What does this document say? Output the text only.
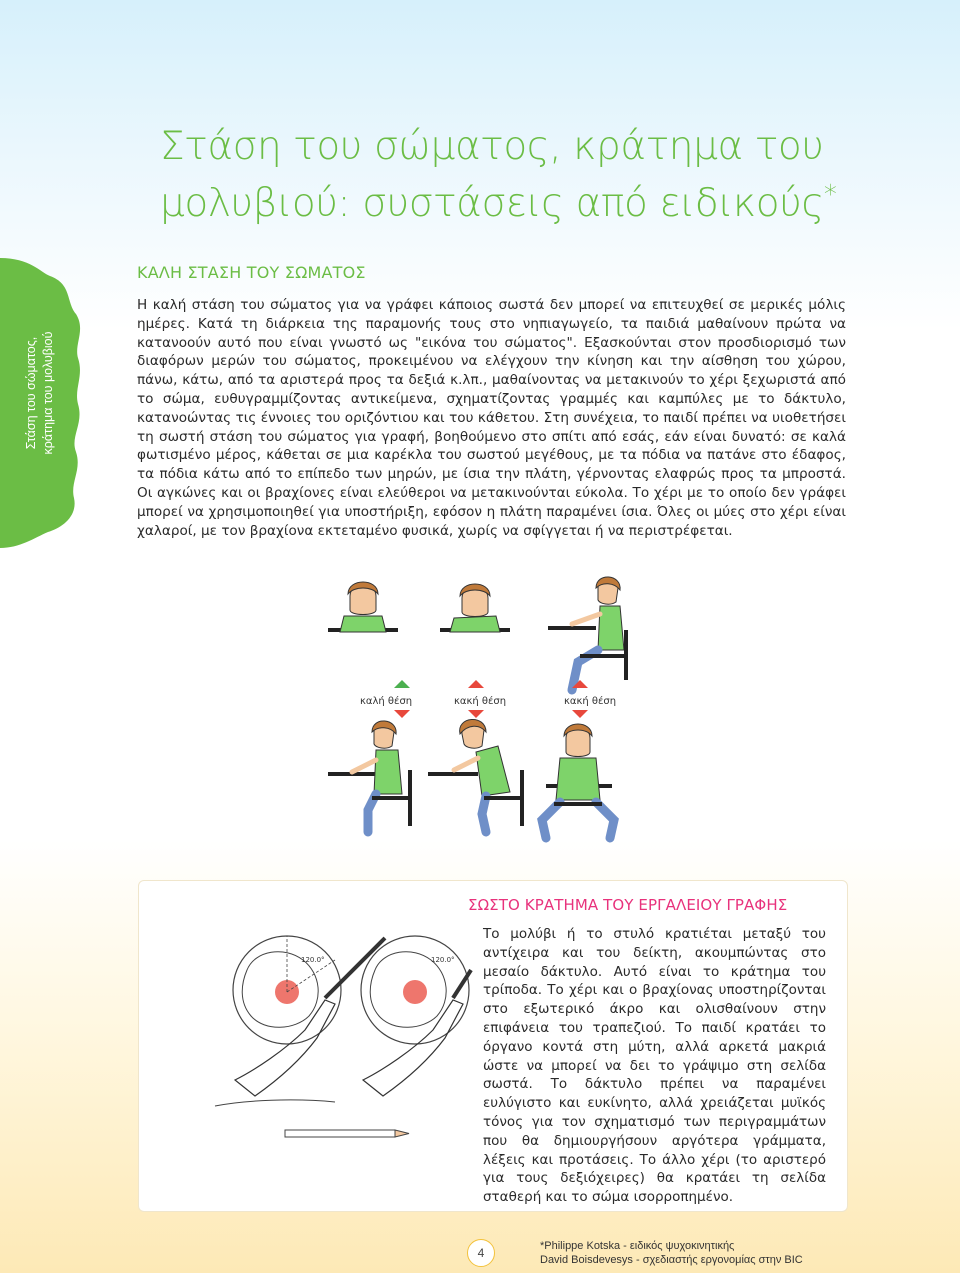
Στάση του σώματος, κράτημα του μολυβιού
Στάση του σώματος, κράτημα του
μολυβιού: συστάσεις από ειδικούς*
ΚΑΛΗ ΣΤΑΣΗ ΤΟΥ ΣΩΜΑΤΟΣ
Η καλή στάση του σώματος για να γράφει κάποιος σωστά δεν μπορεί να επιτευχθεί σε μερικές μόλις ημέρες. Κατά τη διάρκεια της παραμονής τους στο νηπιαγωγείο, τα παιδιά μαθαίνουν πρώτα να κατανοούν αυτό που είναι γνωστό ως "εικόνα του σώματος". Εξασκούνται στον προσδιορισμό των διαφόρων μερών του σώματος, προκειμένου να ελέγχουν την κίνηση και την αίσθηση του χώρου, πάνω, κάτω, από τα αριστερά προς τα δεξιά κ.λπ., μαθαίνοντας να μετακινούν το χέρι ξεχωριστά από το σώμα, ευθυγραμμίζοντας αντικείμενα, σχηματίζοντας γραμμές και καμπύλες με το δάκτυλο, κατανοώντας τις έννοιες του οριζόντιου και του κάθετου. Στη συνέχεια, το παιδί πρέπει να υιοθετήσει τη σωστή στάση του σώματος για γραφή, βοηθούμενο στο σπίτι από εσάς, εάν είναι δυνατό: σε καλά φωτισμένο μέρος, κάθεται σε μια καρέκλα του σωστού μεγέθους, με τα πόδια να πατάνε στο έδαφος, τα πόδια κάτω από το επίπεδο των μηρών, με ίσια την πλάτη, γέρνοντας ελαφρώς προς τα μπροστά. Οι αγκώνες και οι βραχίονες είναι ελεύθεροι να μετακινούνται εύκολα. Το χέρι με το οποίο δεν γράφει μπορεί να χρησιμοποιηθεί για υποστήριξη, εφόσον η πλάτη παραμένει ίσια. Όλες οι μύες στο χέρι είναι χαλαροί, με τον βραχίονα εκτεταμένο φυσικά, χωρίς να σφίγγεται ή να περιστρέφεται.
καλή θέση	κακή θέση	κακή θέση
120.0°	120.0°
ΣΩΣΤΟ ΚΡΑΤΗΜΑ ΤΟΥ ΕΡΓΑΛΕΙΟΥ ΓΡΑΦΗΣ
Το μολύβι ή το στυλό κρατιέται μεταξύ του αντίχειρα και του δείκτη, ακουμπώντας στο μεσαίο δάκτυλο. Αυτό είναι το κράτημα του τρίποδα. Το χέρι και ο βραχίονας υποστηρίζονται στο εξωτερικό άκρο και ολισθαίνουν στην επιφάνεια του τραπεζιού. Το παιδί κρατάει το όργανο κοντά στη μύτη, αλλά αρκετά μακριά ώστε να μπορεί να δει το γράψιμο στη σελίδα σωστά. Το δάκτυλο πρέπει να παραμένει ευλύγιστο και ευκίνητο, αλλά χρειάζεται μυϊκός τόνος για τον σχηματισμό των περιγραμμάτων που θα δημιουργήσουν αργότερα γράμματα, λέξεις και προτάσεις. Το άλλο χέρι (το αριστερό για τους δεξιόχειρες) θα κρατάει τη σελίδα σταθερή και το σώμα ισορροπημένο.
4	*Philippe Kotska - ειδικός ψυχοκινητικής
David Boisdevesys - σχεδιαστής εργονομίας στην BIC
